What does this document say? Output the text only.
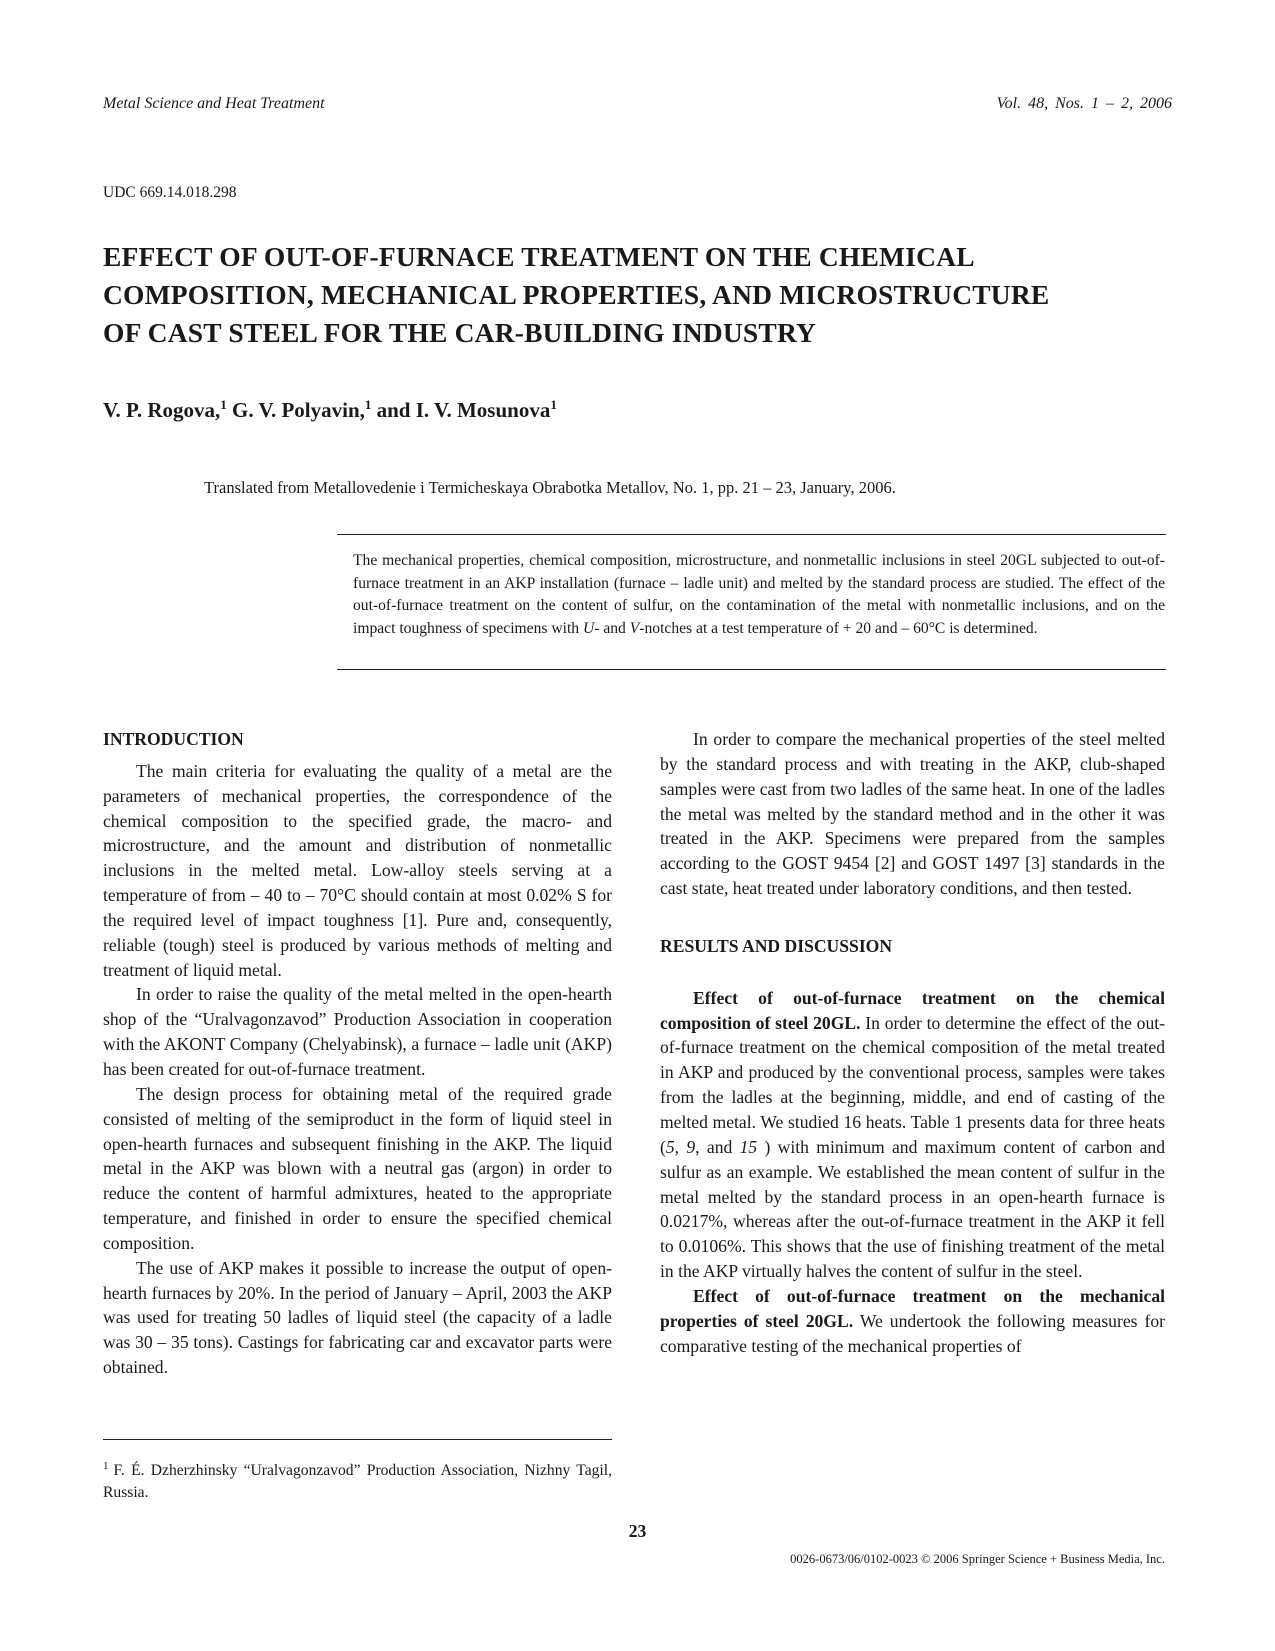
Metal Science and Heat Treatment	Vol. 48, Nos. 1 – 2, 2006
UDC 669.14.018.298
EFFECT OF OUT-OF-FURNACE TREATMENT ON THE CHEMICAL
COMPOSITION, MECHANICAL PROPERTIES, AND MICROSTRUCTURE
OF CAST STEEL FOR THE CAR-BUILDING INDUSTRY
V. P. Rogova,$^1$ G. V. Polyavin,$^1$ and I. V. Mosunova$^1$
Translated from Metallovedenie i Termicheskaya Obrabotka Metallov, No. 1, pp. 21 – 23, January, 2006.

The mechanical properties, chemical composition, microstructure, and nonmetallic inclusions in steel 20GL subjected to out-of-furnace treatment in an AKP installation (furnace – ladle unit) and melted by the standard process are studied. The effect of the out-of-furnace treatment on the content of sulfur, on the contamination of the metal with nonmetallic inclusions, and on the impact toughness of specimens with U- and V-notches at a test temperature of + 20 and – 60°C is determined.

INTRODUCTION

The main criteria for evaluating the quality of a metal are the parameters of mechanical properties, the correspondence of the chemical composition to the specified grade, the macro- and microstructure, and the amount and distribution of nonmetallic inclusions in the melted metal. Low-alloy steels serving at a temperature of from – 40 to – 70°C should contain at most 0.02% S for the required level of impact toughness [1]. Pure and, consequently, reliable (tough) steel is produced by various methods of melting and treatment of liquid metal.

In order to raise the quality of the metal melted in the open-hearth shop of the “Uralvagonzavod” Production Association in cooperation with the AKONT Company (Chelyabinsk), a furnace – ladle unit (AKP) has been created for out-of-furnace treatment.

The design process for obtaining metal of the required grade consisted of melting of the semiproduct in the form of liquid steel in open-hearth furnaces and subsequent finishing in the AKP. The liquid metal in the AKP was blown with a neutral gas (argon) in order to reduce the content of harmful admixtures, heated to the appropriate temperature, and finished in order to ensure the specified chemical composition.

The use of AKP makes it possible to increase the output of open-hearth furnaces by 20%. In the period of January – April, 2003 the AKP was used for treating 50 ladles of liquid steel (the capacity of a ladle was 30 – 35 tons). Castings for fabricating car and excavator parts were obtained.

$^1$ F. É. Dzherzhinsky “Uralvagonzavod” Production Association, Nizhny Tagil, Russia.

In order to compare the mechanical properties of the steel melted by the standard process and with treating in the AKP, club-shaped samples were cast from two ladles of the same heat. In one of the ladles the metal was melted by the standard method and in the other it was treated in the AKP. Specimens were prepared from the samples according to the GOST 9454 [2] and GOST 1497 [3] standards in the cast state, heat treated under laboratory conditions, and then tested.

RESULTS AND DISCUSSION

Effect of out-of-furnace treatment on the chemical composition of steel 20GL. In order to determine the effect of the out-of-furnace treatment on the chemical composition of the metal treated in AKP and produced by the conventional process, samples were takes from the ladles at the beginning, middle, and end of casting of the melted metal. We studied 16 heats. Table 1 presents data for three heats (5, 9, and 15 ) with minimum and maximum content of carbon and sulfur as an example. We established the mean content of sulfur in the metal melted by the standard process in an open-hearth furnace is 0.0217%, whereas after the out-of-furnace treatment in the AKP it fell to 0.0106%. This shows that the use of finishing treatment of the metal in the AKP virtually halves the content of sulfur in the steel.

Effect of out-of-furnace treatment on the mechanical properties of steel 20GL. We undertook the following measures for comparative testing of the mechanical properties of

23
0026-0673/06/0102-0023 © 2006 Springer Science + Business Media, Inc.
